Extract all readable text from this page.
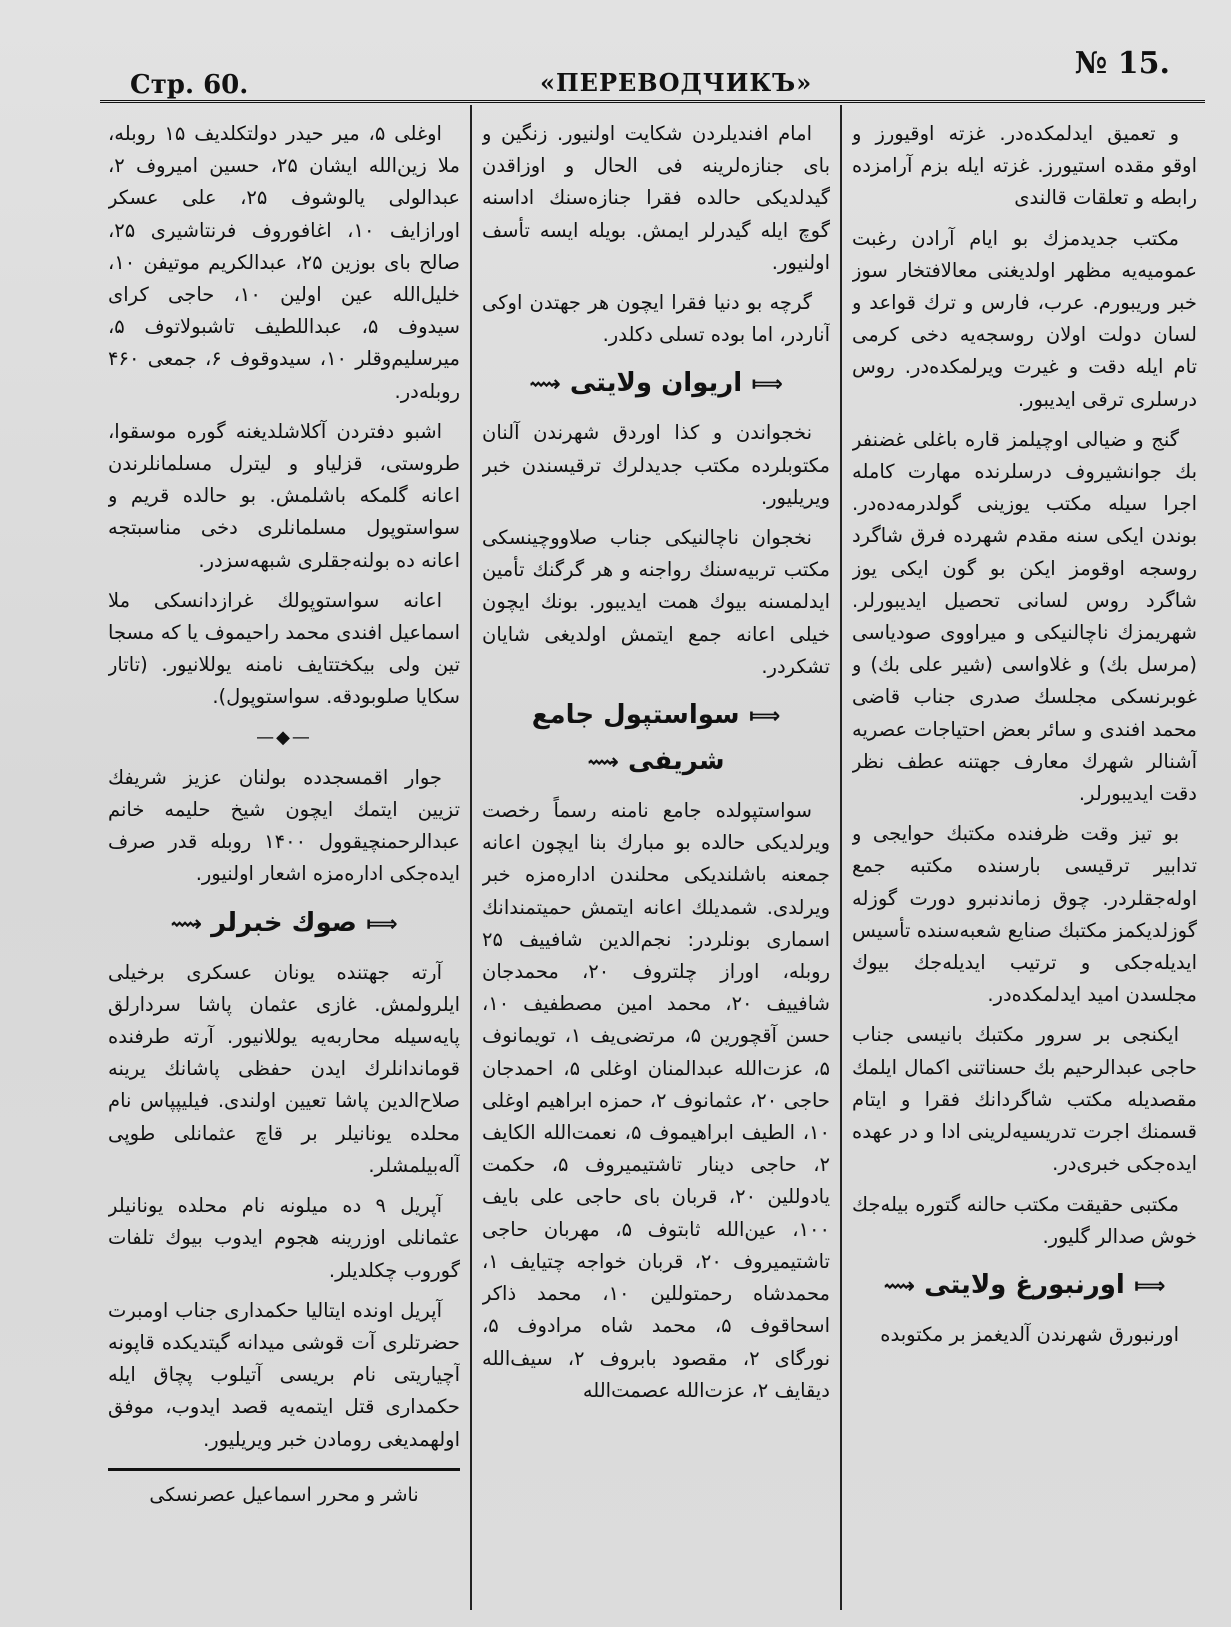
Стр. 60.	«ПЕРЕВОДЧИКЪ»
№ 15.

و تعميق ايدلمكده‌در. غزته اوقيورز و اوقو مقده استيورز. غزته ايله بزم آرامزده رابطه و تعلقات قالندى

مكتب جديدمزك بو ايام آرادن رغبت عموميه‌يه مظهر اولديغنى معالافتخار سوز خبر وريبورم. عرب، فارس و ترك قواعد و لسان دولت اولان روسجه‌يه دخى كرمى تام ايله دقت و غيرت ويرلمكده‌در. روس درسلرى ترقى ايديبور.

گنج و ضيالى اوچيلمز قاره باغلى غضنفر بك جوانشيروف درسلرنده مهارت كامله اجرا سيله مكتب يوزينى گولدرمه‌ده‌در. بوندن ايكى سنه مقدم شهرده فرق شاگرد روسجه اوقومز ايكن بو گون ايكى يوز شاگرد روس لسانى تحصيل ايديبورلر. شهريمزك ناچالنيكى و ميراووى صودياسى (مرسل بك) و غلاواسى (شير على بك) و غوبرنسكى مجلسك صدرى جناب قاضى محمد افندى و سائر بعض احتياجات عصريه آشنالر شهرك معارف جهتنه عطف نظر دقت ايديبورلر.

بو تيز وقت ظرفنده مكتبك حوايجى و تدابير ترقيسى بارسنده مكتبه جمع اوله‌جقلردر. چوق زماندنبرو دورت گوزله گوزلديكمز مكتبك صنايع شعبه‌سنده تأسيس ايديله‌جكى و ترتيب ايديله‌جك بيوك مجلسدن اميد ايدلمكده‌در.

ايكنجى بر سرور مكتبك بانيسى جناب حاجى عبدالرحيم بك حسناتنى اكمال ايلمك مقصديله مكتب شاگردانك فقرا و ايتام قسمنك اجرت تدريسيه‌لرينى ادا و در عهده ايده‌جكى خبرى‌در.

مكتبى حقيقت مكتب حالنه گتوره بيله‌جك خوش صدالر گليور.

⟾ اورنبورغ ولايتى ⟿

اورنبورق شهرندن آلديغمز بر مكتوبده

امام افنديلردن شكايت اولنيور. زنگين و باى جنازه‌لرينه فى الحال و اوزاقدن گيدلديكى حالده فقرا جنازه‌سنك اداسنه گوچ ايله گيدرلر ايمش. بويله ايسه تأسف اولنيور.

گرچه بو دنيا فقرا ايچون هر جهتدن اوكى آناردر، اما بوده تسلى دكلدر.

⟾ اريوان ولايتى ⟿

نخجواندن و كذا اوردق شهرندن آلنان مكتوبلرده مكتب جديدلرك ترقيسندن خبر ويريليور.

نخجوان ناچالنيكى جناب صلاووچينسكى مكتب تربيه‌سنك رواجنه و هر گرگنك تأمين ايدلمسنه بيوك همت ايديبور. بونك ايچون خيلى اعانه جمع ايتمش اولديغى شايان تشكردر.

⟾ سواستپول جامع شريفى ⟿

سواستپولده جامع نامنه رسماً رخصت ويرلديكى حالده بو مبارك بنا ايچون اعانه جمعنه باشلنديكى محلندن اداره‌مزه خبر ويرلدى. شمديلك اعانه ايتمش حميتمندانك اسمارى بونلردر: نجم‌الدين شافييف ۲۵ روبله، اوراز چلتروف ۲۰، محمدجان شافييف ۲۰، محمد امين مصطفيف ۱۰، حسن آقچورين ۵، مرتضى‌يف ۱، تويمانوف ۵، عزت‌الله عبدالمنان اوغلى ۵، احمدجان حاجى ۲۰، عثمانوف ۲، حمزه ابراهيم اوغلى ۱۰، الطيف ابراهيموف ۵، نعمت‌الله الكايف ۲، حاجى دينار تاشتيميروف ۵، حكمت يادوللين ۲۰، قربان باى حاجى على بايف ۱۰۰، عين‌الله ثابتوف ۵، مهربان حاجى تاشتيميروف ۲۰، قربان خواجه چتيايف ۱، محمدشاه رحمتوللين ۱۰، محمد ذاكر اسحاقوف ۵، محمد شاه مرادوف ۵، نورگاى ۲، مقصود بابروف ۲، سيف‌الله ديقايف ۲، عزت‌الله عصمت‌الله

اوغلى ۵، مير حيدر دولتكلديف ۱۵ روبله، ملا زين‌الله ايشان ۲۵، حسين اميروف ۲، عبدالولى يالوشوف ۲۵، على عسكر اورازايف ۱۰، اغافوروف فرنتاشيرى ۲۵، صالح باى بوزين ۲۵، عبدالكريم موتيفن ۱۰، خليل‌الله عين اولين ۱۰، حاجى كراى سيدوف ۵، عبداللطيف تاشبولاتوف ۵، ميرسليم‌وقلر ۱۰، سيدوقوف ۶، جمعى ۴۶۰ روبله‌در.

اشبو دفتردن آكلاشلديغنه گوره موسقوا، طروستى، قزلياو و ليترل مسلمانلرندن اعانه گلمكه باشلمش. بو حالده قريم و سواستوپول مسلمانلرى دخى مناسبتجه اعانه ده بولنه‌جقلرى شبهه‌سزدر.

اعانه سواستوپولك غرازدانسكى ملا اسماعيل افندى محمد راحيموف يا كه مسجا تين ولى بيكختتايف نامنه يوللانيور. (تاتار سكايا صلوبودقه. سواستوپول).

—◆—

جوار اقمسجدده بولنان عزيز شريفك تزيين ايتمك ايچون شيخ حليمه خانم عبدالرحمنچيقوول ۱۴۰۰ روبله قدر صرف ايده‌جكى اداره‌مزه اشعار اولنيور.

⟾ صوك خبرلر ⟿

آرته جهتنده يونان عسكرى برخيلى ايلرولمش. غازى عثمان پاشا سردارلق پايه‌سيله محاربه‌يه يوللانيور. آرته طرفنده قوماندانلرك ايدن حفظى پاشانك يرينه صلاح‌الدين پاشا تعيين اولندى. فيليپپاس نام محلده يونانيلر بر قاچ عثمانلى طوپى آله‌بيلمشلر.

آپريل ۹ ده ميلونه نام محلده يونانيلر عثمانلى اوزرينه هجوم ايدوب بيوك تلفات گوروب چكلديلر.

آپريل اونده ايتاليا حكمدارى جناب اومبرت حضرتلرى آت قوشى ميدانه گيتديكده قاپونه آچياريتى نام بريسى آتيلوب پچاق ايله حكمدارى قتل ايتمه‌يه قصد ايدوب، موفق اولهمديغى رومادن خبر ويريليور.

ناشر و محرر اسماعيل عصرنسكى
